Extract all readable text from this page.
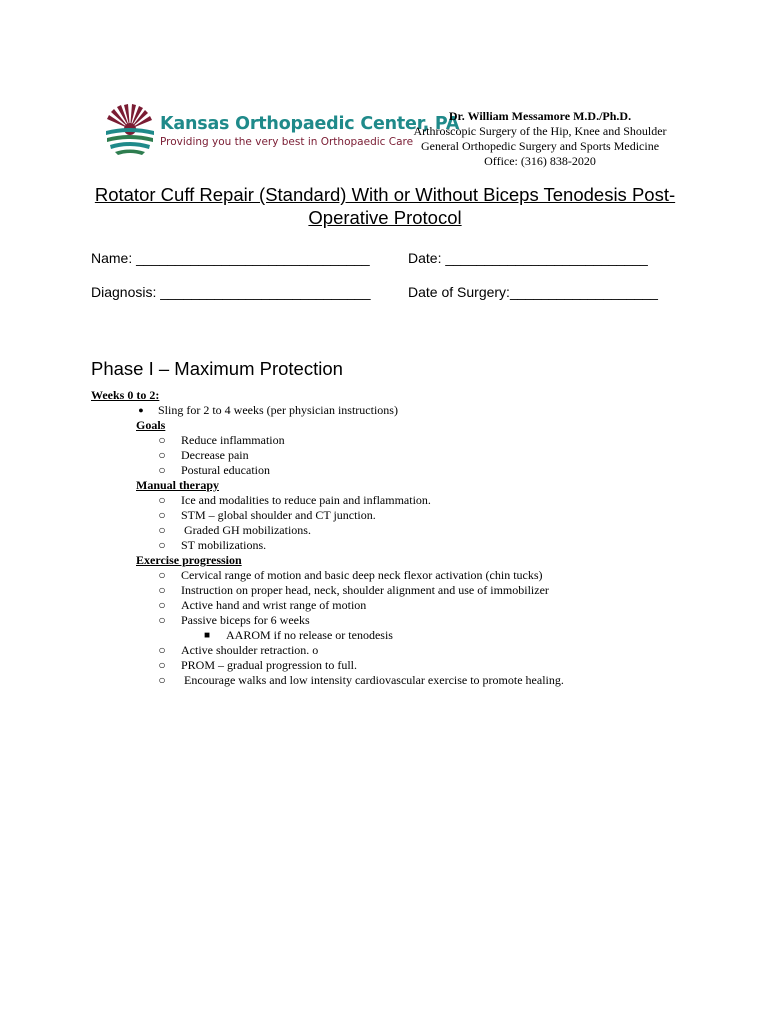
Kansas Orthopaedic Center, PA
Providing you the very best in Orthopaedic Care
Dr. William Messamore M.D./Ph.D.
Arthroscopic Surgery of the Hip, Knee and Shoulder
General Orthopedic Surgery and Sports Medicine
Office: (316) 838-2020
Rotator Cuff Repair (Standard) With or Without Biceps Tenodesis Post-
Operative Protocol
Name: ______________________________	Date: __________________________
Diagnosis: ___________________________	Date of Surgery:___________________
Phase I – Maximum Protection
Weeks 0 to 2:
● Sling for 2 to 4 weeks (per physician instructions)
Goals
○ Reduce inflammation
○ Decrease pain
○ Postural education
Manual therapy
○ Ice and modalities to reduce pain and inflammation.
○ STM – global shoulder and CT junction.
○ Graded GH mobilizations.
○ ST mobilizations.
Exercise progression
○ Cervical range of motion and basic deep neck flexor activation (chin tucks)
○ Instruction on proper head, neck, shoulder alignment and use of immobilizer
○ Active hand and wrist range of motion
○ Passive biceps for 6 weeks
■ AAROM if no release or tenodesis
○ Active shoulder retraction. o
○ PROM – gradual progression to full.
○ Encourage walks and low intensity cardiovascular exercise to promote healing.
